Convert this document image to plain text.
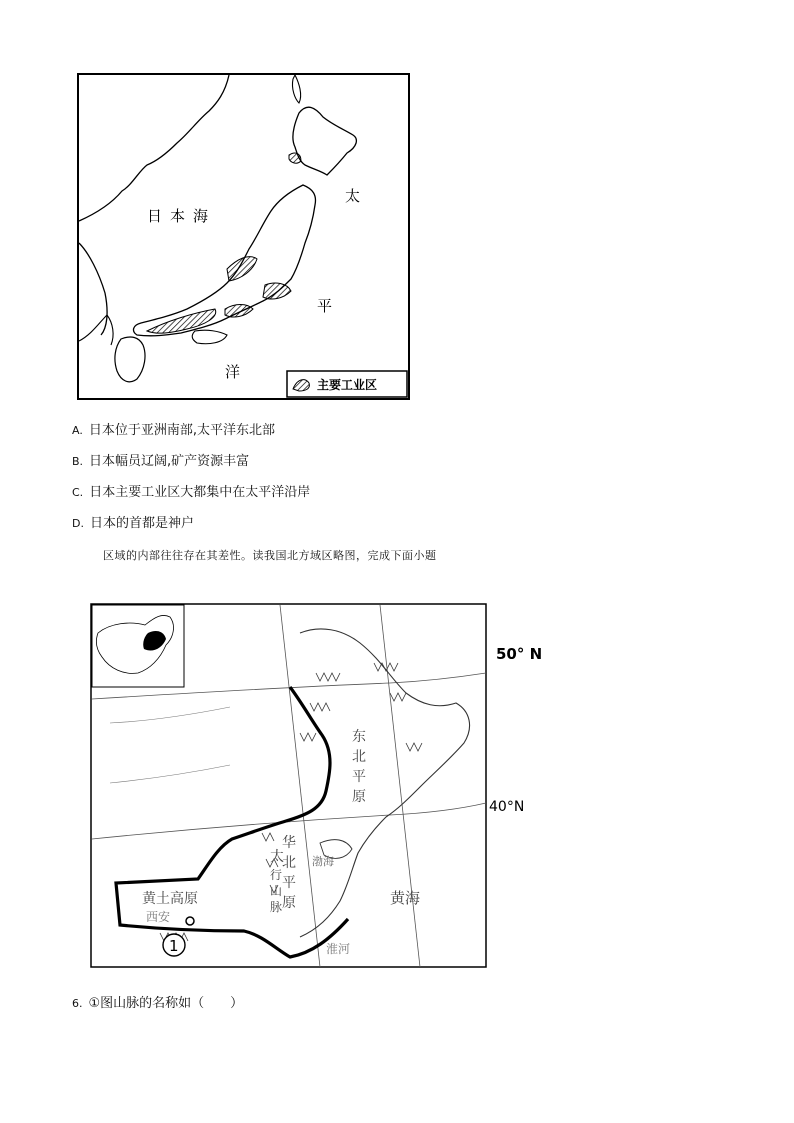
日本海
太
平
洋
主要工业区
A. 日本位于亚洲南部,太平洋东北部
B. 日本幅员辽阔,矿产资源丰富
C. 日本主要工业区大都集中在太平洋沿岸
D. 日本的首都是神户
区域的内部往往存在其差性。读我国北方域区略图，完成下面小题
50° N
40°N
东
北
平
原
黄土高原
西安
太
行
山
脉
华
北
平
原
渤海
黄海
淮河
1
6. ①图山脉的名称如（　　）
